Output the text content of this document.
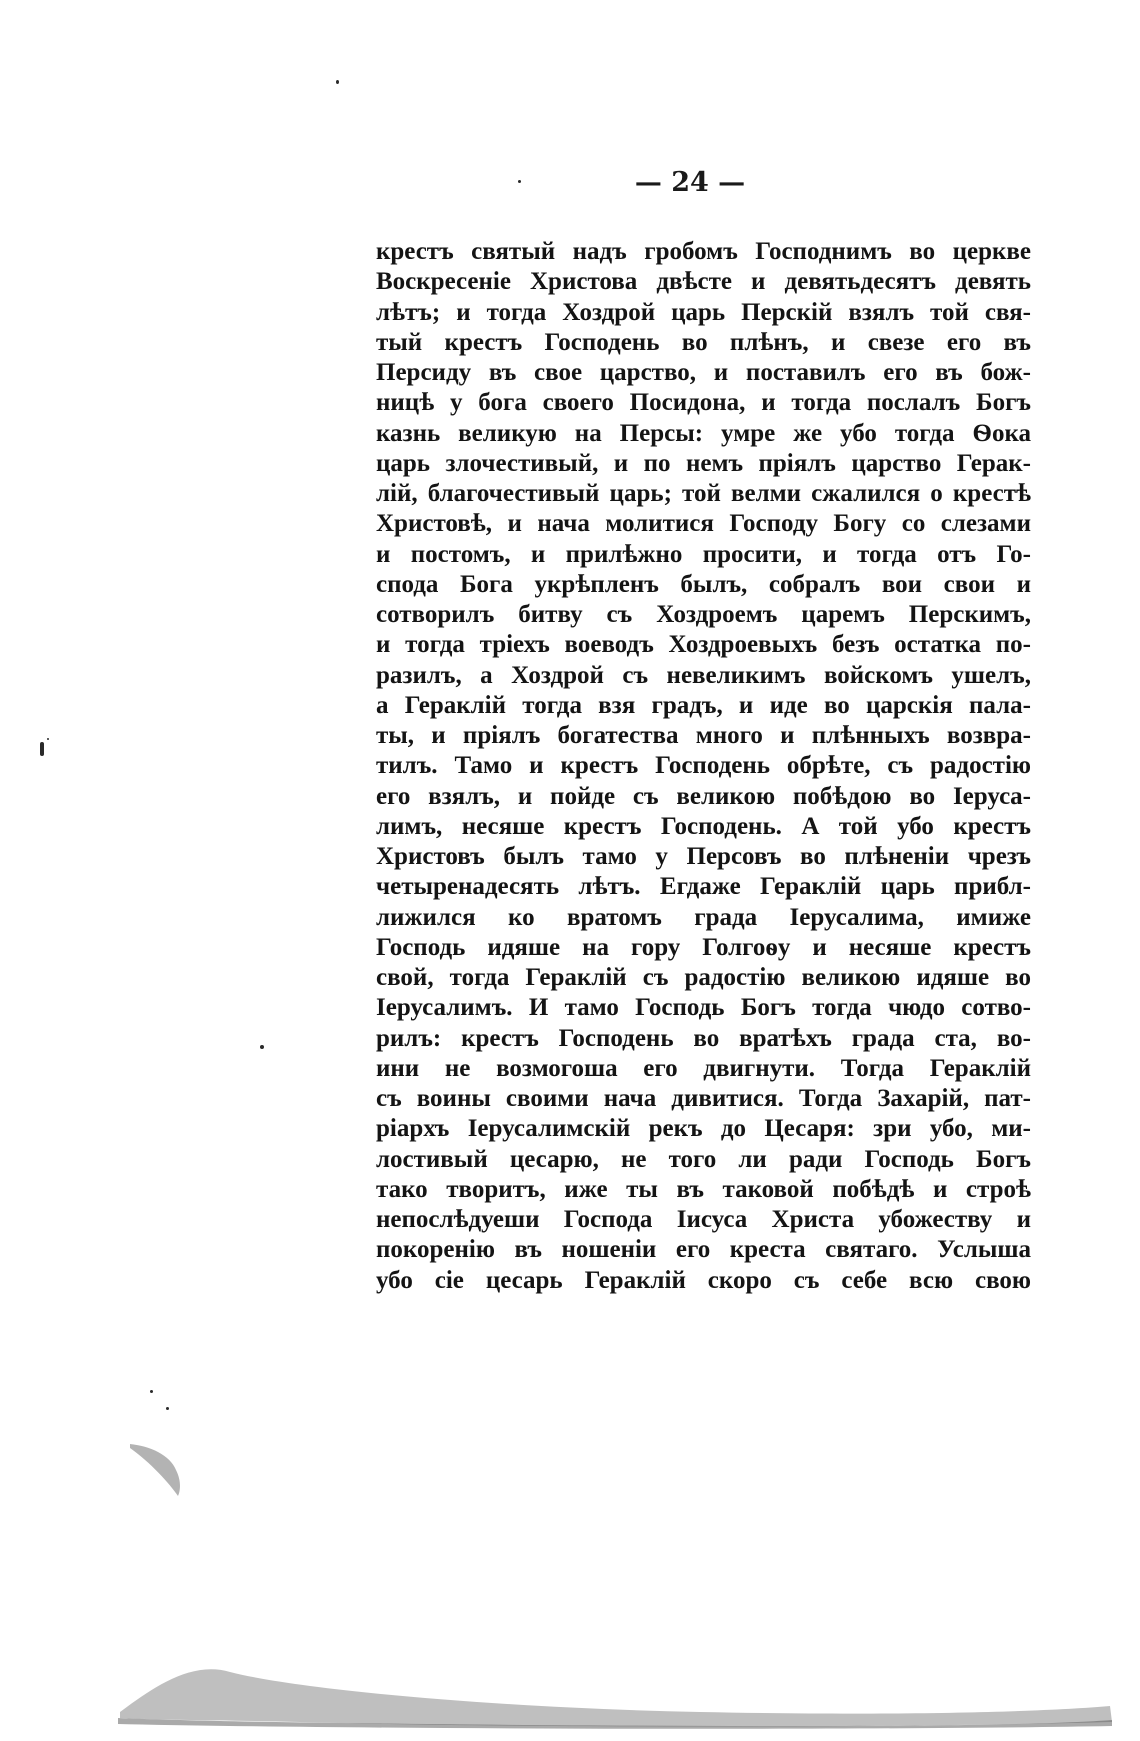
— 24 —
крестъ святый надъ гробомъ Господнимъ во церкве
Воскресеніе Христова двѣсте и девятьдесятъ девять
лѣтъ; и тогда Хоздрой царь Перскій взялъ той свя-
тый крестъ Господень во плѣнъ, и свезе его въ
Персиду въ свое царство, и поставилъ его въ бож-
ницѣ у бога своего Посидона, и тогда послалъ Богъ
казнь великую на Персы: умре же убо тогда Ѳока
царь злочестивый, и по немъ пріялъ царство Герак-
лій, благочестивый царь; той велми сжалился о крестѣ
Христовѣ, и нача молитися Господу Богу со слезами
и постомъ, и прилѣжно просити, и тогда отъ Го-
спода Бога укрѣпленъ былъ, собралъ вои свои и
сотворилъ битву съ Хоздроемъ царемъ Перскимъ,
и тогда тріехъ воеводъ Хоздроевыхъ безъ остатка по-
разилъ, а Хоздрой съ невеликимъ войскомъ ушелъ,
а Гераклій тогда взя градъ, и иде во царскія пала-
ты, и пріялъ богатества много и плѣнныхъ возвра-
тилъ. Тамо и крестъ Господень обрѣте, съ радостію
его взялъ, и пойде съ великою побѣдою во Іерусa-
лимъ, несяше крестъ Господень. А той убо крестъ
Христовъ былъ тамо у Персовъ во плѣненіи чрезъ
четыренадесять лѣтъ. Егдаже Гераклій царь прибл-
лижился ко вратомъ града Іерусалима, имиже
Господь идяше на гору Голгоѳу и несяше крестъ
свой, тогда Гераклій съ радостію великою идяше во
Іерусалимъ. И тамо Господь Богъ тогда чюдо сотво-
рилъ: крестъ Господень во вратѣхъ града ста, во-
ини не возмогоша его двигнути. Тогда Гераклій
съ воины своими нача дивитися. Тогда Захарій, пат-
ріархъ Іерусалимскій рекъ до Цесаря: зри убо, ми-
лостивый цесарю, не того ли ради Господь Богъ
тако творитъ, иже ты въ таковой побѣдѣ и строѣ
непослѣдуеши Господа Іисуса Христа убожеству и
покоренію въ ношеніи его креста святаго. Услыша
убо сіе цесарь Гераклій скоро съ себе всю свою
